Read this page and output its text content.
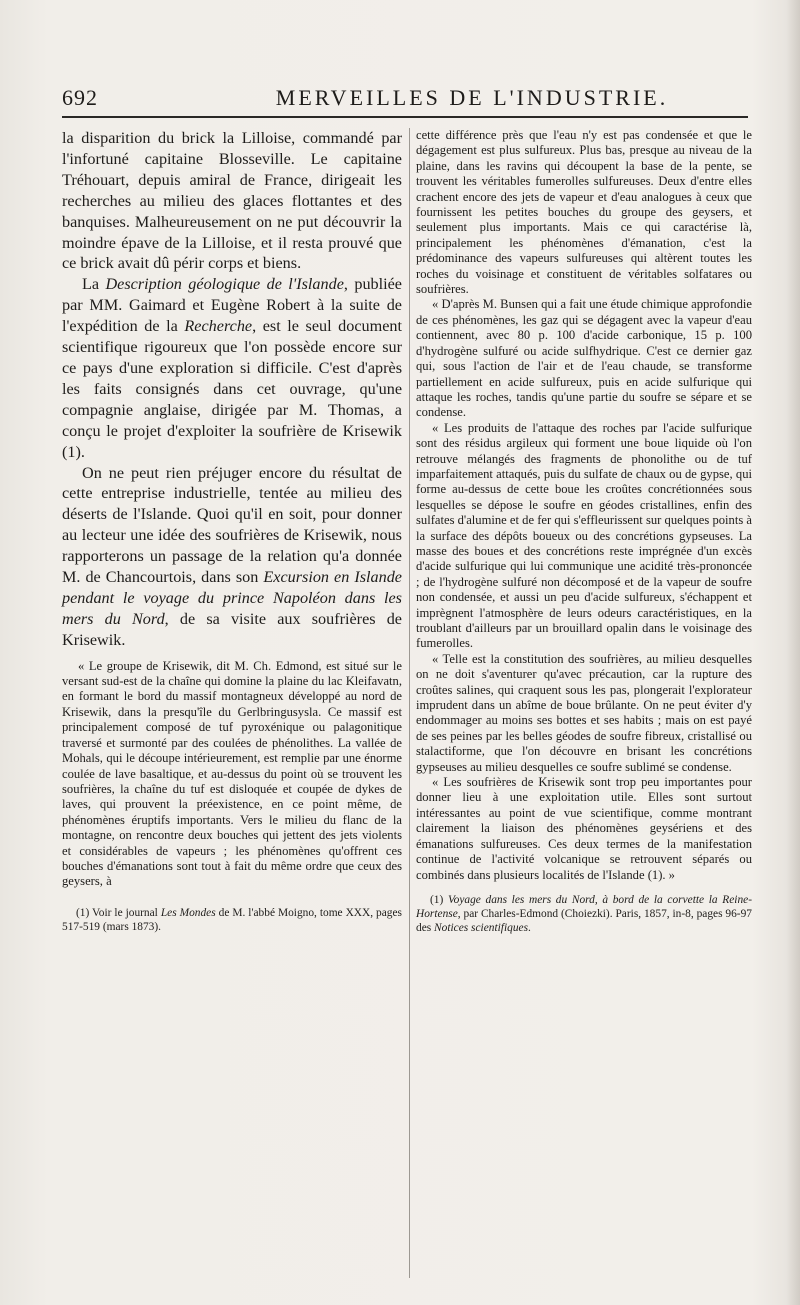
692	MERVEILLES DE L'INDUSTRIE.

la disparition du brick la Lilloise, commandé par l'infortuné capitaine Blosseville. Le capitaine Tréhouart, depuis amiral de France, dirigeait les recherches au milieu des glaces flottantes et des banquises. Malheureusement on ne put découvrir la moindre épave de la Lilloise, et il resta prouvé que ce brick avait dû périr corps et biens.

La Description géologique de l'Islande, publiée par MM. Gaimard et Eugène Robert à la suite de l'expédition de la Recherche, est le seul document scientifique rigoureux que l'on possède encore sur ce pays d'une exploration si difficile. C'est d'après les faits consignés dans cet ouvrage, qu'une compagnie anglaise, dirigée par M. Thomas, a conçu le projet d'exploiter la soufrière de Krisewik (1).

On ne peut rien préjuger encore du résultat de cette entreprise industrielle, tentée au milieu des déserts de l'Islande. Quoi qu'il en soit, pour donner au lecteur une idée des soufrières de Krisewik, nous rapporterons un passage de la relation qu'a donnée M. de Chancourtois, dans son Excursion en Islande pendant le voyage du prince Napoléon dans les mers du Nord, de sa visite aux soufrières de Krisewik.

« Le groupe de Krisewik, dit M. Ch. Edmond, est situé sur le versant sud-est de la chaîne qui domine la plaine du lac Kleifavatn, en formant le bord du massif montagneux développé au nord de Krisewik, dans la presqu'île du Gerlbringusysla. Ce massif est principalement composé de tuf pyroxénique ou palagonitique traversé et surmonté par des coulées de phénolithes. La vallée de Mohals, qui le découpe intérieurement, est remplie par une énorme coulée de lave basaltique, et au-dessus du point où se trouvent les soufrières, la chaîne du tuf est disloquée et coupée de dykes de laves, qui prouvent la préexistence, en ce point même, de phénomènes éruptifs importants. Vers le milieu du flanc de la montagne, on rencontre deux bouches qui jettent des jets violents et considérables de vapeurs ; les phénomènes qu'offrent ces bouches d'émanations sont tout à fait du même ordre que ceux des geysers, à

(1) Voir le journal Les Mondes de M. l'abbé Moigno, tome XXX, pages 517-519 (mars 1873).

cette différence près que l'eau n'y est pas condensée et que le dégagement est plus sulfureux. Plus bas, presque au niveau de la plaine, dans les ravins qui découpent la base de la pente, se trouvent les véritables fumerolles sulfureuses. Deux d'entre elles crachent encore des jets de vapeur et d'eau analogues à ceux que fournissent les petites bouches du groupe des geysers, et seulement plus importants. Mais ce qui caractérise là, principalement les phénomènes d'émanation, c'est la prédominance des vapeurs sulfureuses qui altèrent toutes les roches du voisinage et constituent de véritables solfatares ou soufrières.

« D'après M. Bunsen qui a fait une étude chimique approfondie de ces phénomènes, les gaz qui se dégagent avec la vapeur d'eau contiennent, avec 80 p. 100 d'acide carbonique, 15 p. 100 d'hydrogène sulfuré ou acide sulfhydrique. C'est ce dernier gaz qui, sous l'action de l'air et de l'eau chaude, se transforme partiellement en acide sulfureux, puis en acide sulfurique qui attaque les roches, tandis qu'une partie du soufre se sépare et se condense.

« Les produits de l'attaque des roches par l'acide sulfurique sont des résidus argileux qui forment une boue liquide où l'on retrouve mélangés des fragments de phonolithe ou de tuf imparfaitement attaqués, puis du sulfate de chaux ou de gypse, qui forme au-dessus de cette boue les croûtes concrétionnées sous lesquelles se dépose le soufre en géodes cristallines, enfin des sulfates d'alumine et de fer qui s'effleurissent sur quelques points à la surface des dépôts boueux ou des concrétions gypseuses. La masse des boues et des concrétions reste imprégnée d'un excès d'acide sulfurique qui lui communique une acidité très-prononcée ; de l'hydrogène sulfuré non décomposé et de la vapeur de soufre non condensée, et aussi un peu d'acide sulfureux, s'échappent et imprègnent l'atmosphère de leurs odeurs caractéristiques, en la troublant d'ailleurs par un brouillard opalin dans le voisinage des fumerolles.

« Telle est la constitution des soufrières, au milieu desquelles on ne doit s'aventurer qu'avec précaution, car la rupture des croûtes salines, qui craquent sous les pas, plongerait l'explorateur imprudent dans un abîme de boue brûlante. On ne peut éviter d'y endommager au moins ses bottes et ses habits ; mais on est payé de ses peines par les belles géodes de soufre fibreux, cristallisé ou stalactiforme, que l'on découvre en brisant les concrétions gypseuses au milieu desquelles ce soufre sublimé se condense.

« Les soufrières de Krisewik sont trop peu importantes pour donner lieu à une exploitation utile. Elles sont surtout intéressantes au point de vue scientifique, comme montrant clairement la liaison des phénomènes geysériens et des émanations sulfureuses. Ces deux termes de la manifestation continue de l'activité volcanique se retrouvent séparés ou combinés dans plusieurs localités de l'Islande (1). »

(1) Voyage dans les mers du Nord, à bord de la corvette la Reine-Hortense, par Charles-Edmond (Choiezki). Paris, 1857, in-8, pages 96-97 des Notices scientifiques.
